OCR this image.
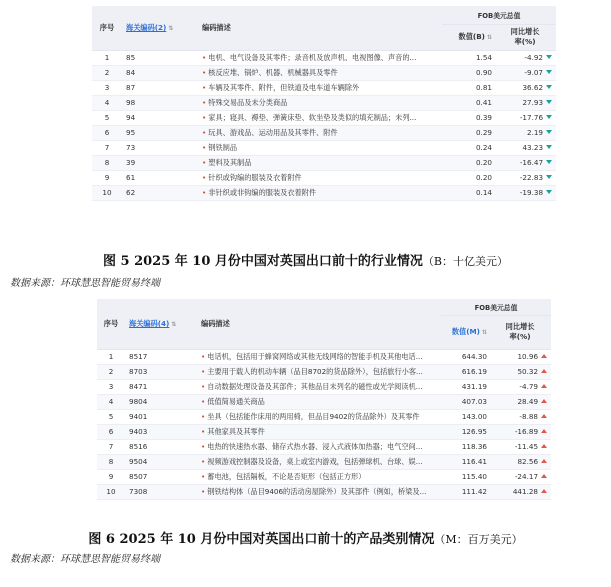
序号	海关编码(2) ⇅	编码描述	FOB美元总值	
			数值(B) ⇅	同比增长
率(%)

1	85	• 电机、电气设备及其零件；录音机及放声机、电视图像、声音的...	1.54	-4.92
2	84	• 核反应堆、锅炉、机器、机械器具及零件	0.90	-9.07
3	87	• 车辆及其零件、附件，但铁道及电车道车辆除外	0.81	36.62
4	98	• 特殊交易品及未分类商品	0.41	27.93
5	94	• 家具；寝具、褥垫、弹簧床垫、软坐垫及类似的填充制品；未列...	0.39	-17.76
6	95	• 玩具、游戏品、运动用品及其零件、附件	0.29	2.19
7	73	• 钢铁制品	0.24	43.23
8	39	• 塑料及其制品	0.20	-16.47
9	61	• 针织或钩编的服装及衣着附件	0.20	-22.83
10	62	• 非针织或非钩编的服装及衣着附件	0.14	-19.38
图 5 2025 年 10 月份中国对英国出口前十的行业情况（B：十亿美元）
数据来源：环球慧思智能贸易终端
序号	海关编码(4) ⇅	编码描述	FOB美元总值	
			数值(M) ⇅	同比增长
率(%)

1	8517	• 电话机，包括用于蜂窝网络或其他无线网络的智能手机及其他电话...	644.30	10.96
2	8703	• 主要用于载人的机动车辆（品目8702的货品除外），包括旅行小客...	616.19	50.32
3	8471	• 自动数据处理设备及其部件；其他品目未列名的磁性或光学阅读机...	431.19	-4.79
4	9804	• 低值简易通关商品	407.03	28.49
5	9401	• 坐具（包括能作床用的两用椅，但品目9402的货品除外）及其零件	143.00	-8.88
6	9403	• 其他家具及其零件	126.95	-16.89
7	8516	• 电热的快速热水器、储存式热水器、浸入式液体加热器；电气空间...	118.36	-11.45
8	9504	• 视频游戏控制器及设备，桌上或室内游戏，包括弹球机、台球、娱...	116.41	82.56
9	8507	• 蓄电池，包括隔板，不论是否矩形（包括正方形）	115.40	-24.17
10	7308	• 钢铁结构体（品目9406的活动房屋除外）及其部件（例如，桥梁及...	111.42	441.28
图 6 2025 年 10 月份中国对英国出口前十的产品类别情况（M：百万美元）
数据来源：环球慧思智能贸易终端
